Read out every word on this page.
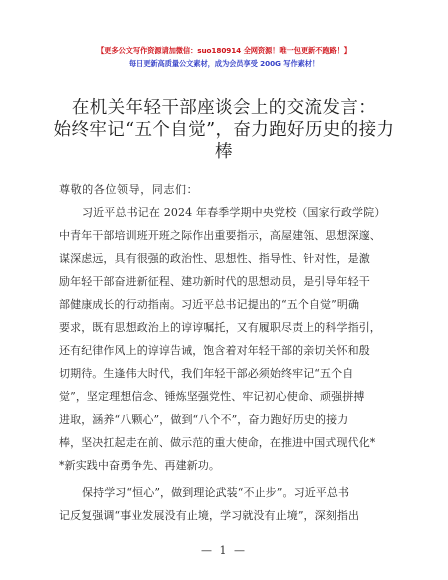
【更多公文写作资源请加微信：suo180914 全网资源！唯一包更新不跑路！】
每日更新高质量公文素材，成为会员享受 200G 写作素材！
在机关年轻干部座谈会上的交流发言：
始终牢记“五个自觉”，奋力跑好历史的接力
棒
尊敬的各位领导，同志们：
习近平总书记在 2024 年春季学期中央党校（国家行政学院）
中青年干部培训班开班之际作出重要指示，高屋建瓴、思想深邃、
谋深虑远，具有很强的政治性、思想性、指导性、针对性，是激
励年轻干部奋进新征程、建功新时代的思想动员，是引导年轻干
部健康成长的行动指南。习近平总书记提出的“五个自觉”明确
要求，既有思想政治上的谆谆嘱托，又有履职尽责上的科学指引，
还有纪律作风上的谆谆告诫，饱含着对年轻干部的亲切关怀和殷
切期待。生逢伟大时代，我们年轻干部必须始终牢记“五个自
觉”，坚定理想信念、锤炼坚强党性、牢记初心使命、顽强拼搏
进取，涵养“八颗心”，做到“八个不”，奋力跑好历史的接力
棒，坚决扛起走在前、做示范的重大使命，在推进中国式现代化*
*新实践中奋勇争先、再建新功。
保持学习“恒心”，做到理论武装“不止步”。习近平总书
记反复强调“事业发展没有止境，学习就没有止境”，深刻指出
— 1 —
